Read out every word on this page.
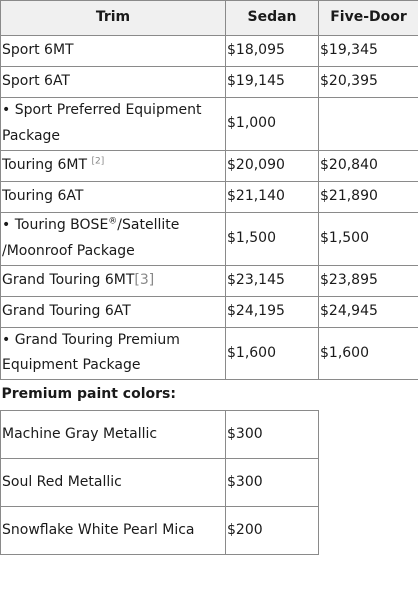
Trim	Sedan	Five-Door
Sport 6MT	$18,095	$19,345
Sport 6AT	$19,145	$20,395
• Sport Preferred Equipment
Package	$1,000	
Touring 6MT [2]	$20,090	$20,840
Touring 6AT	$21,140	$21,890
• Touring BOSE®/Satellite
/Moonroof Package	$1,500	$1,500
Grand Touring 6MT[3]	$23,145	$23,895
Grand Touring 6AT	$24,195	$24,945
• Grand Touring Premium
Equipment Package	$1,600	$1,600
Premium paint colors:		
Machine Gray Metallic	$300	
Soul Red Metallic	$300	
Snowflake White Pearl Mica	$200	
